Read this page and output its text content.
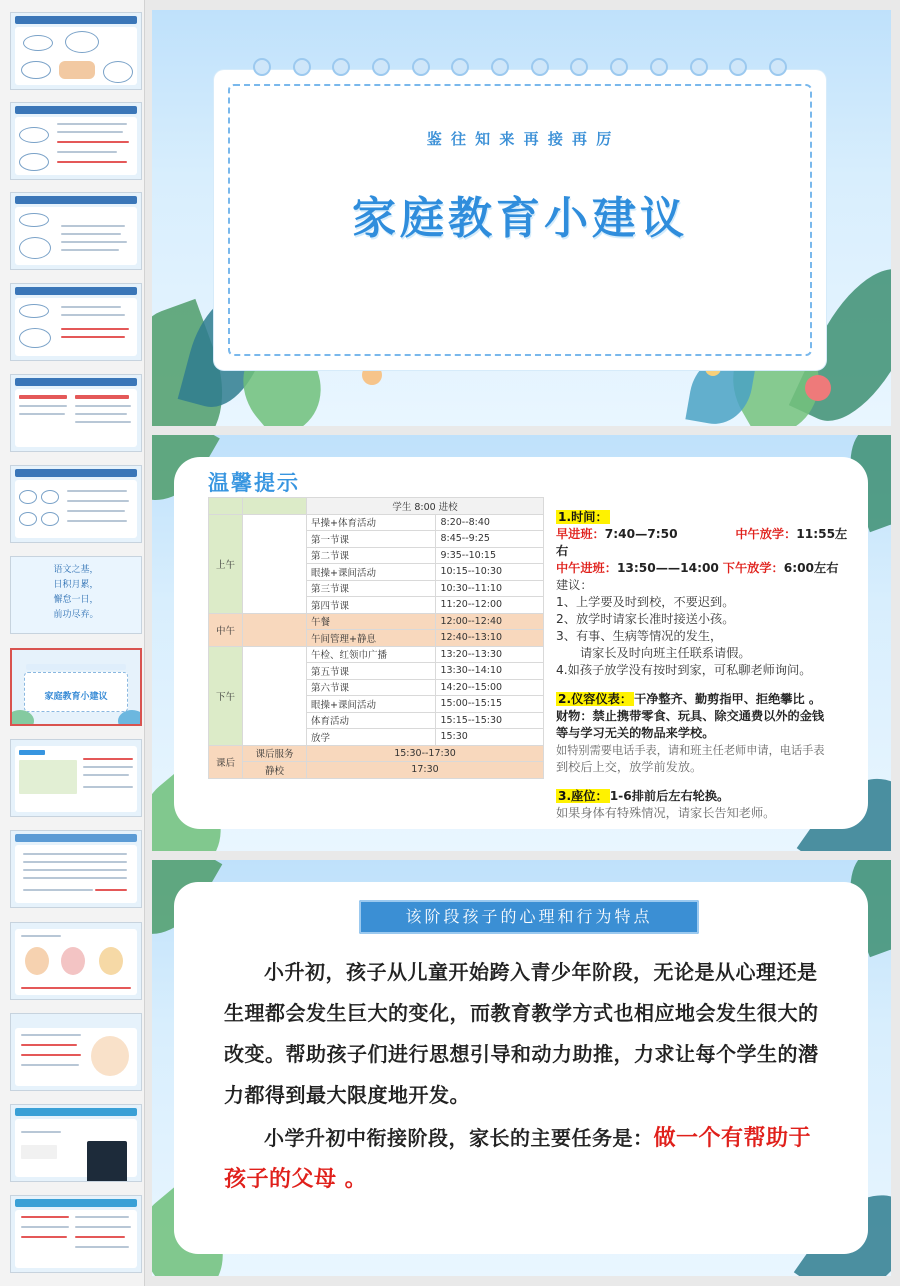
语文之基，
日积月累，
懈怠一日，
前功尽弃。
家庭教育小建议
鉴 往 知 来 再 接 再 厉
家庭教育小建议
温馨提示
		学生 8:00 进校	
上午		早操+体育活动	8:20--8:40
		第一节课	8:45--9:25
		第二节课	9:35--10:15
		眼操+课间活动	10:15--10:30
		第三节课	10:30--11:10
		第四节课	11:20--12:00
中午		午餐	12:00--12:40
		午间管理+静息	12:40--13:10
下午		午检、红领巾广播	13:20--13:30
		第五节课	13:30--14:10
		第六节课	14:20--15:00
		眼操+课间活动	15:00--15:15
		体育活动	15:15--15:30
		放学	15:30
课后	课后服务	15:30--17:30	
	静校	17:30	
1.时间：
早进班：7:40—7:50	中午放学：11:55左
右
中午进班：13:50——14:00 下午放学：6:00左右
建议：
1、上学要及时到校，不要迟到。
2、放学时请家长准时接送小孩。
3、有事、生病等情况的发生，
请家长及时向班主任联系请假。
4.如孩子放学没有按时到家，可私聊老师询问。
2.仪容仪表： 干净整齐、勤剪指甲、拒绝攀比 。
财物：禁止携带零食、玩具、除交通费以外的金钱
等与学习无关的物品来学校。
如特别需要电话手表，请和班主任老师申请，电话手表
到校后上交，放学前发放。
3.座位： 1-6排前后左右轮换。
如果身体有特殊情况，请家长告知老师。
该阶段孩子的心理和行为特点
小升初，孩子从儿童开始跨入青少年阶段，无论是从心理还是生理都会发生巨大的变化，而教育教学方式也相应地会发生很大的改变。帮助孩子们进行思想引导和动力助推，力求让每个学生的潜力都得到最大限度地开发。
小学升初中衔接阶段，家长的主要任务是：做一个有帮助于孩子的父母 。
